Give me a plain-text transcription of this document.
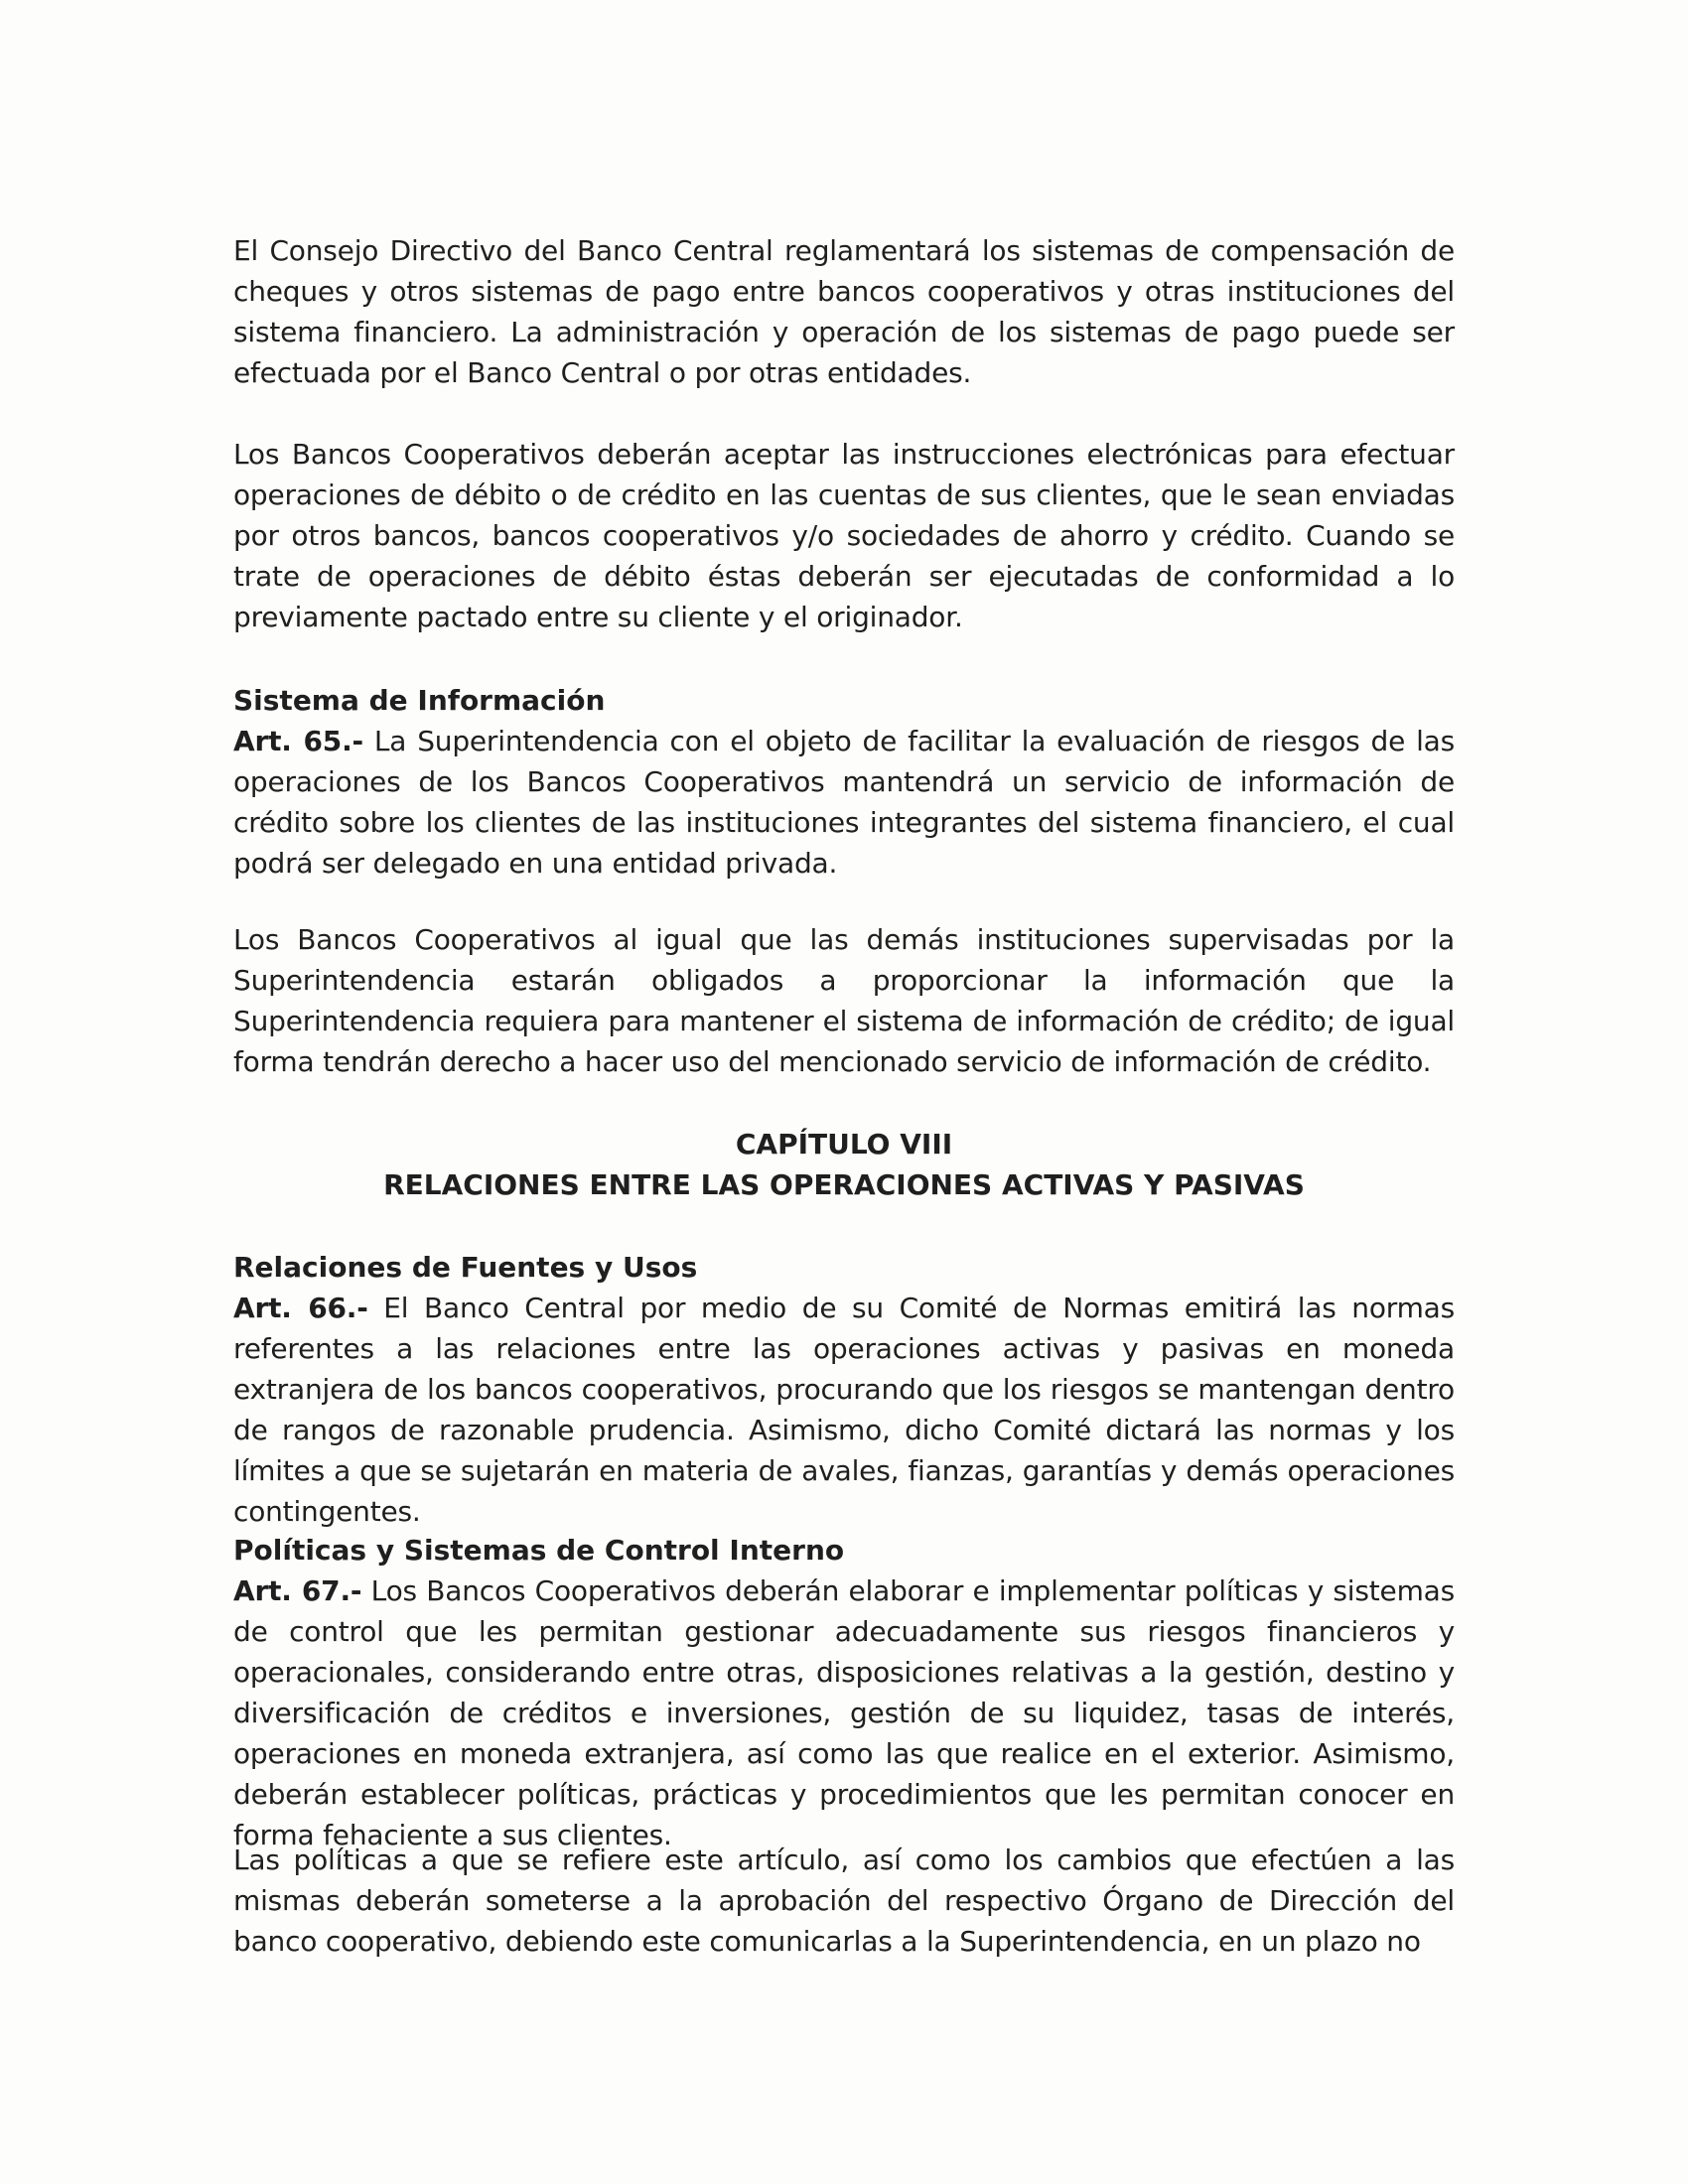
El Consejo Directivo del Banco Central reglamentará los sistemas de compensación de cheques y otros sistemas de pago entre bancos cooperativos y otras instituciones del sistema financiero. La administración y operación de los sistemas de pago puede ser efectuada por el Banco Central o por otras entidades.

Los Bancos Cooperativos deberán aceptar las instrucciones electrónicas para efectuar operaciones de débito o de crédito en las cuentas de sus clientes, que le sean enviadas por otros bancos, bancos cooperativos y/o sociedades de ahorro y crédito. Cuando se trate de operaciones de débito éstas deberán ser ejecutadas de conformidad a lo previamente pactado entre su cliente y el originador.

Sistema de Información

Art. 65.- La Superintendencia con el objeto de facilitar la evaluación de riesgos de las operaciones de los Bancos Cooperativos mantendrá un servicio de información de crédito sobre los clientes de las instituciones integrantes del sistema financiero, el cual podrá ser delegado en una entidad privada.

Los Bancos Cooperativos al igual que las demás instituciones supervisadas por la Superintendencia estarán obligados a proporcionar la información que la Superintendencia requiera para mantener el sistema de información de crédito; de igual forma tendrán derecho a hacer uso del mencionado servicio de información de crédito.

CAPÍTULO VIII

RELACIONES ENTRE LAS OPERACIONES ACTIVAS Y PASIVAS

Relaciones de Fuentes y Usos

Art. 66.- El Banco Central por medio de su Comité de Normas emitirá las normas referentes a las relaciones entre las operaciones activas y pasivas en moneda extranjera de los bancos cooperativos, procurando que los riesgos se mantengan dentro de rangos de razonable prudencia. Asimismo, dicho Comité dictará las normas y los límites a que se sujetarán en materia de avales, fianzas, garantías y demás operaciones contingentes.

Políticas y Sistemas de Control Interno

Art. 67.- Los Bancos Cooperativos deberán elaborar e implementar políticas y sistemas de control que les permitan gestionar adecuadamente sus riesgos financieros y operacionales, considerando entre otras, disposiciones relativas a la gestión, destino y diversificación de créditos e inversiones, gestión de su liquidez, tasas de interés, operaciones en moneda extranjera, así como las que realice en el exterior. Asimismo, deberán establecer políticas, prácticas y procedimientos que les permitan conocer en forma fehaciente a sus clientes.

Las políticas a que se refiere este artículo, así como los cambios que efectúen a las mismas deberán someterse a la aprobación del respectivo Órgano de Dirección del banco cooperativo, debiendo este comunicarlas a la Superintendencia, en un plazo no
